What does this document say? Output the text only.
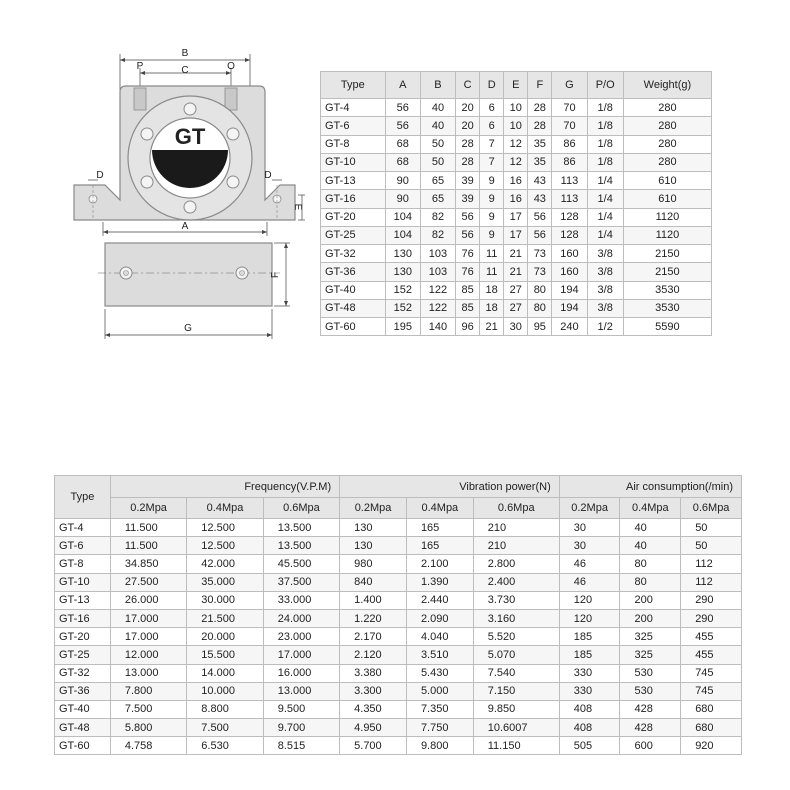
B
P	C	O
GT
D	D
E
A
F
G
Type	A	B	C	D	E	F	G	P/O	Weight(g)
GT-4	56	40	20	6	10	28	70	1/8	280
GT-6	56	40	20	6	10	28	70	1/8	280
GT-8	68	50	28	7	12	35	86	1/8	280
GT-10	68	50	28	7	12	35	86	1/8	280
GT-13	90	65	39	9	16	43	113	1/4	610
GT-16	90	65	39	9	16	43	113	1/4	610
GT-20	104	82	56	9	17	56	128	1/4	1120
GT-25	104	82	56	9	17	56	128	1/4	1120
GT-32	130	103	76	11	21	73	160	3/8	2150
GT-36	130	103	76	11	21	73	160	3/8	2150
GT-40	152	122	85	18	27	80	194	3/8	3530
GT-48	152	122	85	18	27	80	194	3/8	3530
GT-60	195	140	96	21	30	95	240	1/2	5590
Type	Frequency(V.P.M)			Vibration power(N)			Air consumption(/min)		
	0.2Mpa	0.4Mpa	0.6Mpa	0.2Mpa	0.4Mpa	0.6Mpa	0.2Mpa	0.4Mpa	0.6Mpa
GT-4	11.500	12.500	13.500	130	165	210	30	40	50
GT-6	11.500	12.500	13.500	130	165	210	30	40	50
GT-8	34.850	42.000	45.500	980	2.100	2.800	46	80	112
GT-10	27.500	35.000	37.500	840	1.390	2.400	46	80	112
GT-13	26.000	30.000	33.000	1.400	2.440	3.730	120	200	290
GT-16	17.000	21.500	24.000	1.220	2.090	3.160	120	200	290
GT-20	17.000	20.000	23.000	2.170	4.040	5.520	185	325	455
GT-25	12.000	15.500	17.000	2.120	3.510	5.070	185	325	455
GT-32	13.000	14.000	16.000	3.380	5.430	7.540	330	530	745
GT-36	7.800	10.000	13.000	3.300	5.000	7.150	330	530	745
GT-40	7.500	8.800	9.500	4.350	7.350	9.850	408	428	680
GT-48	5.800	7.500	9.700	4.950	7.750	10.6007	408	428	680
GT-60	4.758	6.530	8.515	5.700	9.800	11.150	505	600	920
